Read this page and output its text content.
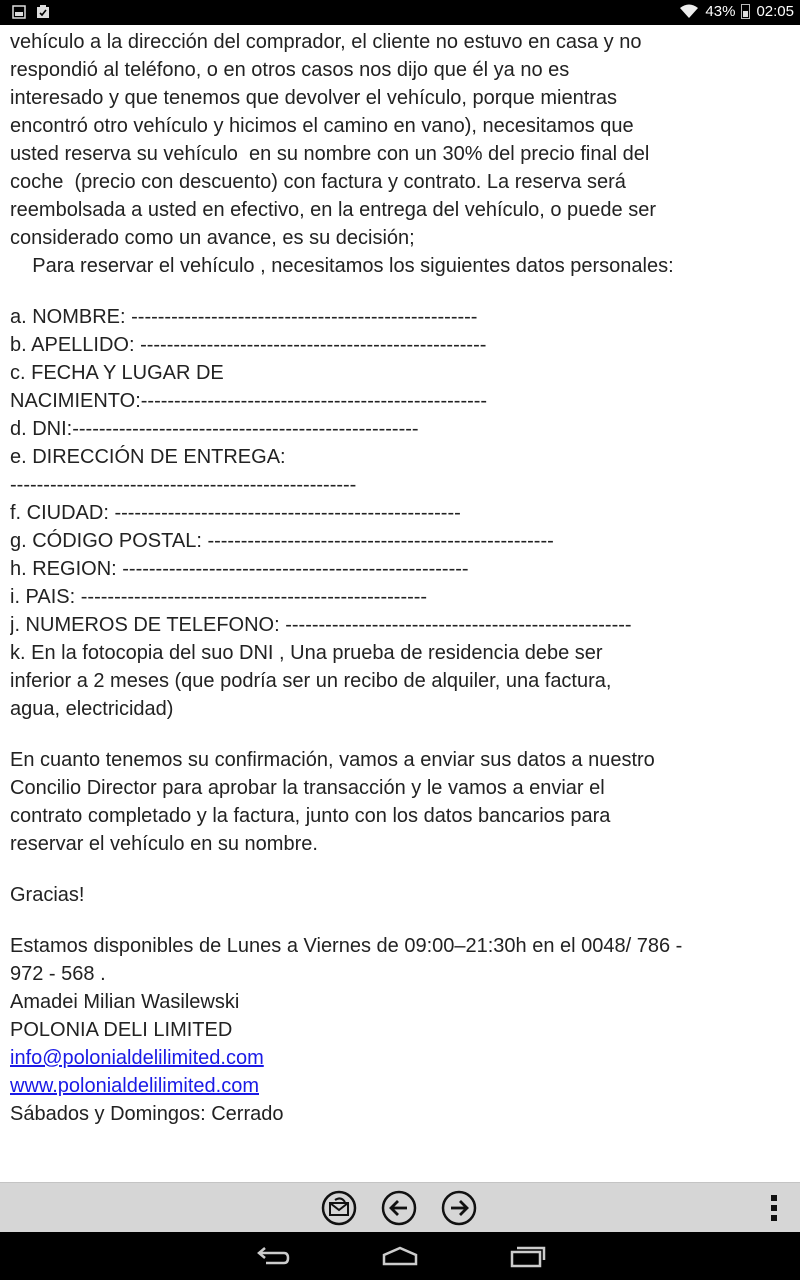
43% 02:05
vehículo a la dirección del comprador, el cliente no estuvo en casa y no
respondió al teléfono, o en otros casos nos dijo que él ya no es
interesado y que tenemos que devolver el vehículo, porque mientras
encontró otro vehículo y hicimos el camino en vano), necesitamos que
usted reserva su vehículo  en su nombre con un 30% del precio final del
coche  (precio con descuento) con factura y contrato. La reserva será
reembolsada a usted en efectivo, en la entrega del vehículo, o puede ser
considerado como un avance, es su decisión;
Para reservar el vehículo , necesitamos los siguientes datos personales:
a. NOMBRE: ----------------------------------------------------
b. APELLIDO: ----------------------------------------------------
c. FECHA Y LUGAR DE
NACIMIENTO:----------------------------------------------------
d. DNI:----------------------------------------------------
e. DIRECCIÓN DE ENTREGA:
----------------------------------------------------
f. CIUDAD: ----------------------------------------------------
g. CÓDIGO POSTAL: ----------------------------------------------------
h. REGION: ----------------------------------------------------
i. PAIS: ----------------------------------------------------
j. NUMEROS DE TELEFONO: ----------------------------------------------------
k. En la fotocopia del suo DNI , Una prueba de residencia debe ser
inferior a 2 meses (que podría ser un recibo de alquiler, una factura,
agua, electricidad)
En cuanto tenemos su confirmación, vamos a enviar sus datos a nuestro
Concilio Director para aprobar la transacción y le vamos a enviar el
contrato completado y la factura, junto con los datos bancarios para
reservar el vehículo en su nombre.
Gracias!
Estamos disponibles de Lunes a Viernes de 09:00–21:30h en el 0048/ 786 -
972 - 568 .
Amadei Milian Wasilewski
POLONIA DELI LIMITED
info@polonialdelilimited.com
www.polonialdelilimited.com
Sábados y Domingos: Cerrado
